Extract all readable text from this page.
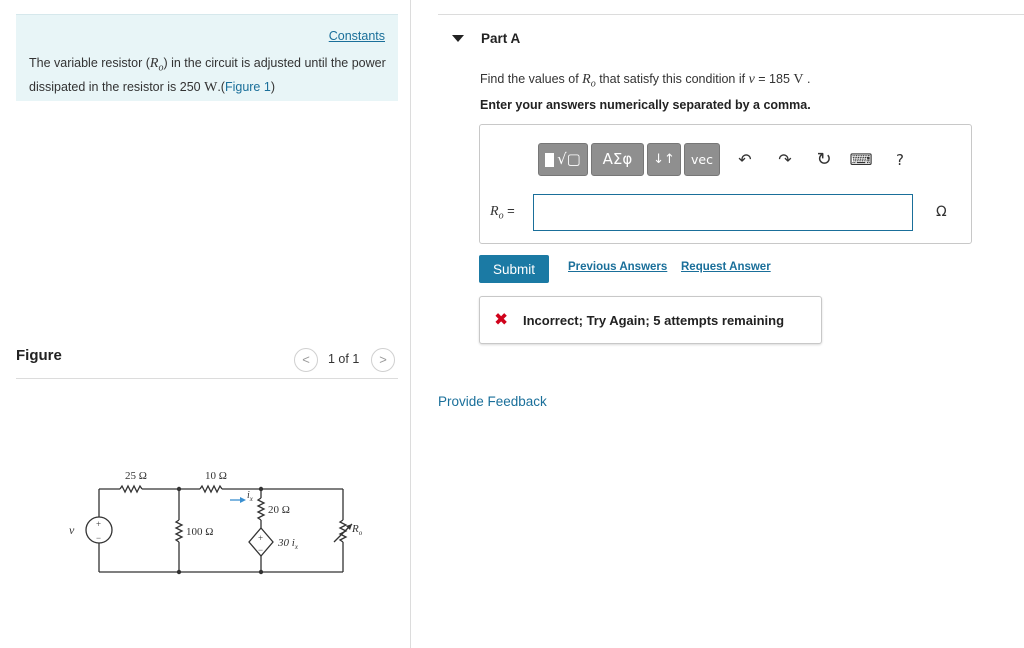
Constants
The variable resistor $(R_o)$ in the circuit is adjusted until the power dissipated in the resistor is 250 W.(Figure 1)
Figure	<	1 of 1	>
25 Ω	10 Ω
20 Ω
100 Ω
v +
−	+
−
$i_x$
30 $i_x$
$R_o$
Part A
Find the values of $R_o$ that satisfy this condition if v = 185 V .
Enter your answers numerically separated by a comma.
√▢	ΑΣφ	↓↑	vec	↶	↷ ↻ ⌨	?
$R_o$ =	Ω
Submit	Previous Answers Request Answer
✖ Incorrect; Try Again; 5 attempts remaining
Provide Feedback
